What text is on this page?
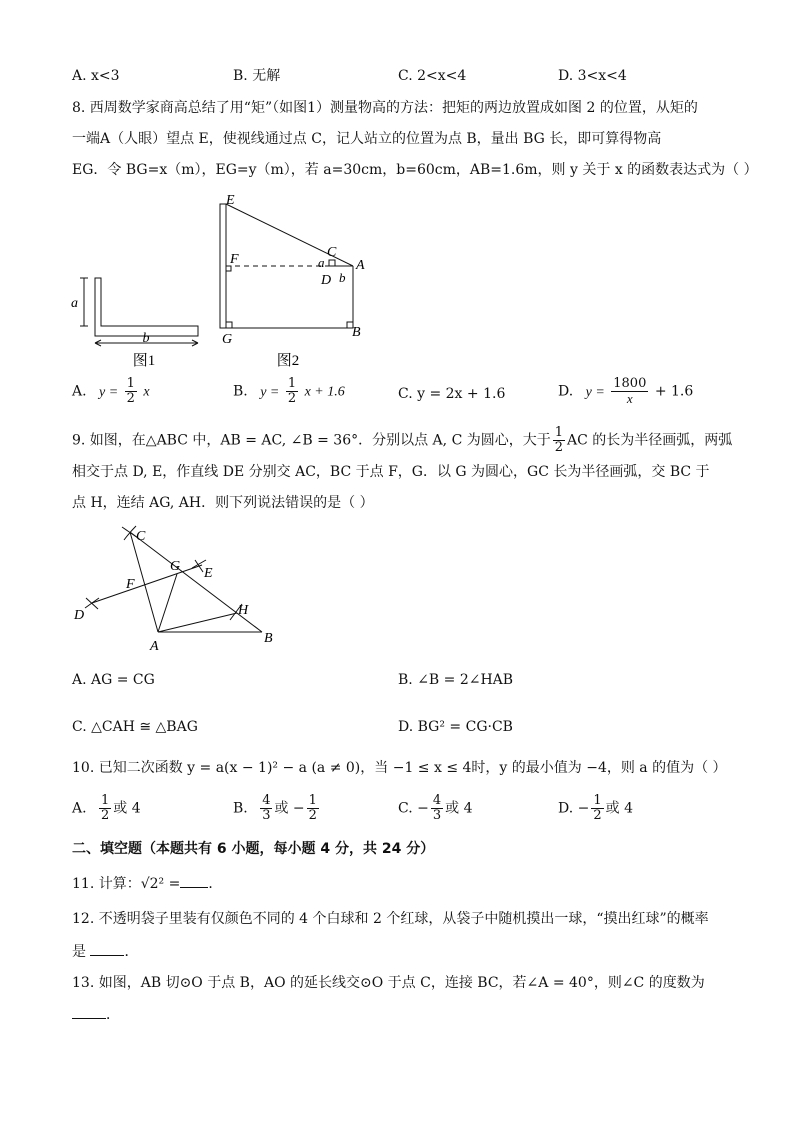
A. x<3	B. 无解	C. 2<x<4	D. 3<x<4
8. 西周数学家商高总结了用“矩”（如图1）测量物高的方法：把矩的两边放置成如图 2 的位置，从矩的
一端A（人眼）望点 E，使视线通过点 C，记人站立的位置为点 B，量出 BG 长，即可算得物高
EG．令 BG=x（m），EG=y（m），若 a=30cm，b=60cm，AB=1.6m，则 y 关于 x 的函数表达式为（ ）
a
b
图1
E
F	C
a A
D b
G	B
图2
A. $y = \frac{1}{2}$ x	B. $y = \frac{1}{2}$ x + 1.6	C. y = 2x + 1.6	D. $y = \frac{1800}{x} + 1.6$
9. 如图，在△ABC 中，AB = AC, ∠B = 36°．分别以点 A, C 为圆心，大于 $\frac{1}{2}$ AC 的长为半径画弧，两弧
相交于点 D, E，作直线 DE 分别交 AC，BC 于点 F，G．以 G 为圆心，GC 长为半径画弧，交 BC 于
点 H，连结 AG, AH．则下列说法错误的是（ ）
C
G E
F
D	H
A
B
A. AG = CG	B. ∠B = 2∠HAB
C. △CAH ≅ △BAG	D. BG² = CG·CB
10. 已知二次函数 y = a(x − 1)² − a (a ≠ 0)，当 −1 ≤ x ≤ 4时，y 的最小值为 −4，则 a 的值为（ ）
A. $\frac{1}{2}$ 或 4	B. $\frac{4}{3}$ 或 − $\frac{1}{2}$	C. − $\frac{4}{3}$ 或 4	D. − $\frac{1}{2}$ 或 4
二、填空题（本题共有 6 小题，每小题 4 分，共 24 分）
11. 计算：√2² = ．
12. 不透明袋子里装有仅颜色不同的 4 个白球和 2 个红球，从袋子中随机摸出一球，“摸出红球”的概率
是	．
13. 如图，AB 切⊙O 于点 B，AO 的延长线交⊙O 于点 C，连接 BC，若∠A = 40°，则∠C 的度数为
．
